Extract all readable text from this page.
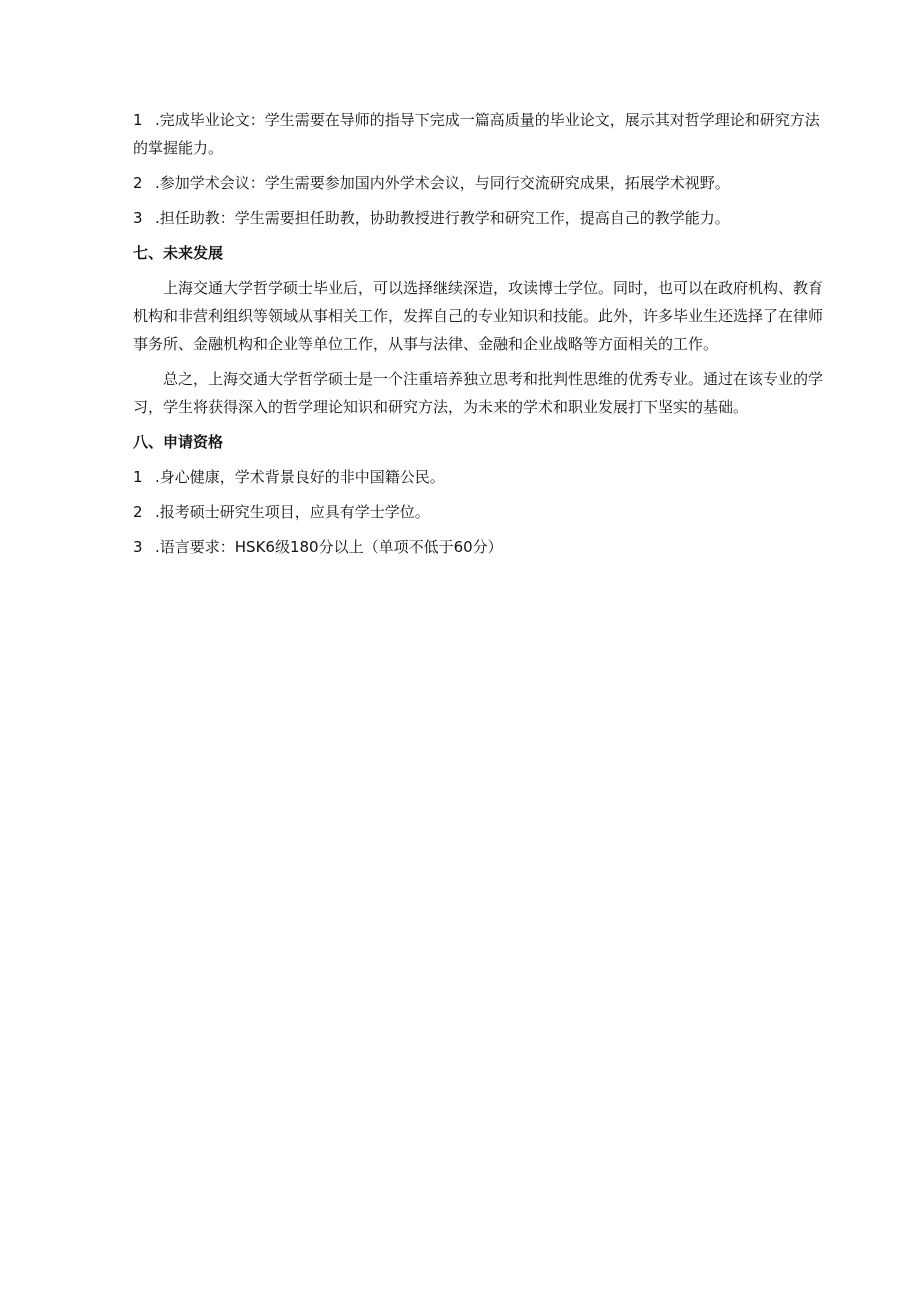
1 .完成毕业论文：学生需要在导师的指导下完成一篇高质量的毕业论文，展示其对哲学理论和研究方法的掌握能力。

2 .参加学术会议：学生需要参加国内外学术会议，与同行交流研究成果，拓展学术视野。

3 .担任助教：学生需要担任助教，协助教授进行教学和研究工作，提高自己的教学能力。

七、未来发展

上海交通大学哲学硕士毕业后，可以选择继续深造，攻读博士学位。同时，也可以在政府机构、教育机构和非营利组织等领域从事相关工作，发挥自己的专业知识和技能。此外，许多毕业生还选择了在律师事务所、金融机构和企业等单位工作，从事与法律、金融和企业战略等方面相关的工作。

总之，上海交通大学哲学硕士是一个注重培养独立思考和批判性思维的优秀专业。通过在该专业的学习，学生将获得深入的哲学理论知识和研究方法，为未来的学术和职业发展打下坚实的基础。

八、申请资格

1 .身心健康，学术背景良好的非中国籍公民。

2 .报考硕士研究生项目，应具有学士学位。

3 .语言要求：HSK6级180分以上（单项不低于60分）
